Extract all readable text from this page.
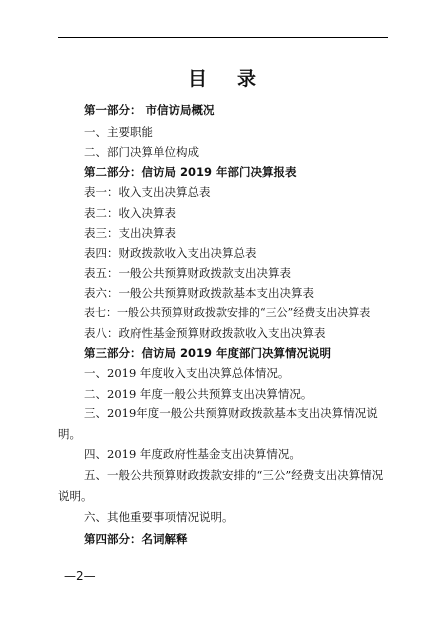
目 录
第一部分： 市信访局概况
一、主要职能
二、部门决算单位构成
第二部分：信访局 2019 年部门决算报表
表一：收入支出决算总表
表二：收入决算表
表三：支出决算表
表四：财政拨款收入支出决算总表
表五：一般公共预算财政拨款支出决算表
表六：一般公共预算财政拨款基本支出决算表
表七：一般公共预算财政拨款安排的“三公”经费支出决算表
表八：政府性基金预算财政拨款收入支出决算表
第三部分：信访局 2019 年度部门决算情况说明
一、2019 年度收入支出决算总体情况。
二、2019 年度一般公共预算支出决算情况。
三、2019年度一般公共预算财政拨款基本支出决算情况说明。
四、2019 年度政府性基金支出决算情况。
五、一般公共预算财政拨款安排的“三公”经费支出决算情况说明。
六、其他重要事项情况说明。
第四部分：名词解释
—2—
